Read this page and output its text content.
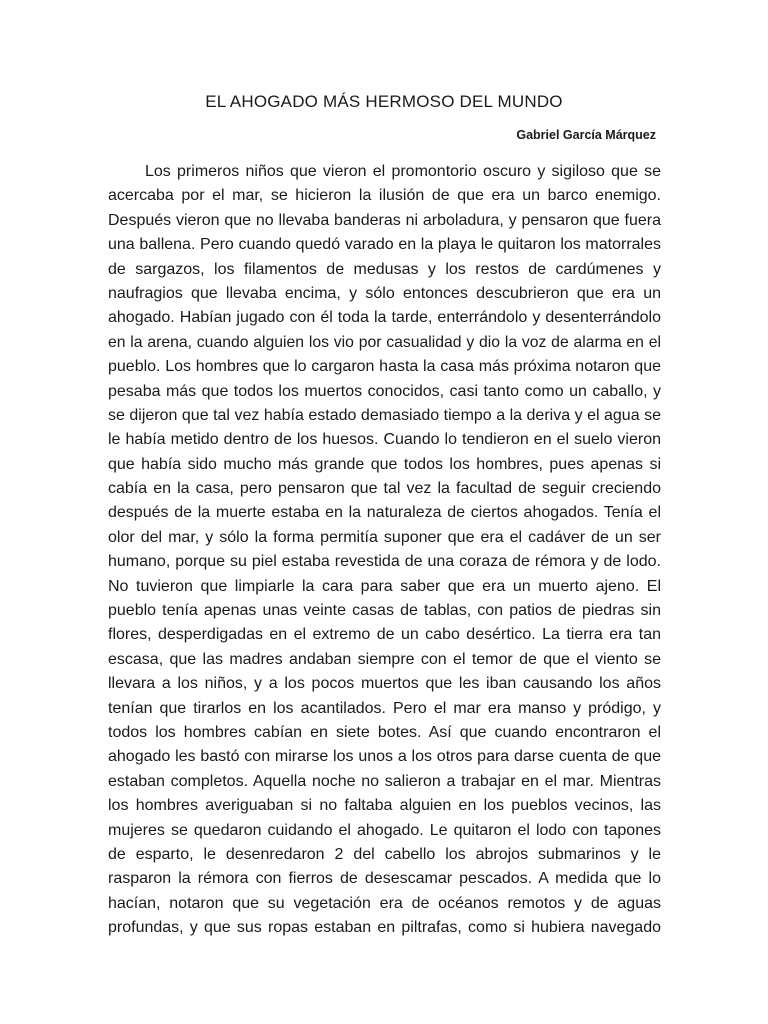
EL AHOGADO MÁS HERMOSO DEL MUNDO
Gabriel García Márquez
Los primeros niños que vieron el promontorio oscuro y sigiloso que se
acercaba por el mar, se hicieron la ilusión de que era un barco enemigo.
Después vieron que no llevaba banderas ni arboladura, y pensaron que fuera
una ballena. Pero cuando quedó varado en la playa le quitaron los matorrales
de sargazos, los filamentos de medusas y los restos de cardúmenes y
naufragios que llevaba encima, y sólo entonces descubrieron que era un
ahogado. Habían jugado con él toda la tarde, enterrándolo y desenterrándolo
en la arena, cuando alguien los vio por casualidad y dio la voz de alarma en el
pueblo. Los hombres que lo cargaron hasta la casa más próxima notaron que
pesaba más que todos los muertos conocidos, casi tanto como un caballo, y
se dijeron que tal vez había estado demasiado tiempo a la deriva y el agua se
le había metido dentro de los huesos. Cuando lo tendieron en el suelo vieron
que había sido mucho más grande que todos los hombres, pues apenas si
cabía en la casa, pero pensaron que tal vez la facultad de seguir creciendo
después de la muerte estaba en la naturaleza de ciertos ahogados. Tenía el
olor del mar, y sólo la forma permitía suponer que era el cadáver de un ser
humano, porque su piel estaba revestida de una coraza de rémora y de lodo.
No tuvieron que limpiarle la cara para saber que era un muerto ajeno. El
pueblo tenía apenas unas veinte casas de tablas, con patios de piedras sin
flores, desperdigadas en el extremo de un cabo desértico. La tierra era tan
escasa, que las madres andaban siempre con el temor de que el viento se
llevara a los niños, y a los pocos muertos que les iban causando los años
tenían que tirarlos en los acantilados. Pero el mar era manso y pródigo, y
todos los hombres cabían en siete botes. Así que cuando encontraron el
ahogado les bastó con mirarse los unos a los otros para darse cuenta de que
estaban completos. Aquella noche no salieron a trabajar en el mar. Mientras
los hombres averiguaban si no faltaba alguien en los pueblos vecinos, las
mujeres se quedaron cuidando el ahogado. Le quitaron el lodo con tapones
de esparto, le desenredaron 2 del cabello los abrojos submarinos y le
rasparon la rémora con fierros de desescamar pescados. A medida que lo
hacían, notaron que su vegetación era de océanos remotos y de aguas
profundas, y que sus ropas estaban en piltrafas, como si hubiera navegado
